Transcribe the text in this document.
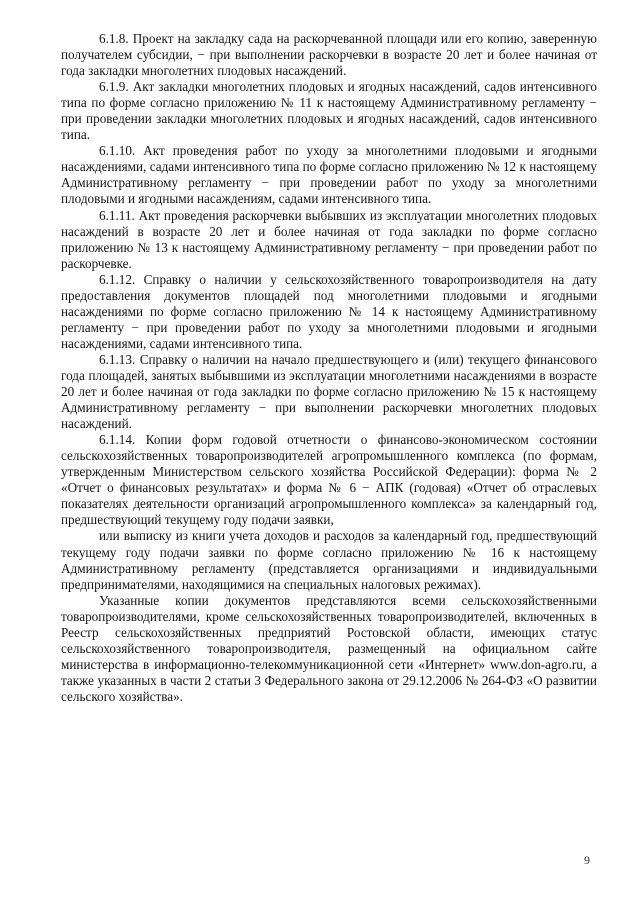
6.1.8. Проект на закладку сада на раскорчеванной площади или его копию, заверенную получателем субсидии, − при выполнении раскорчевки в возрасте 20 лет и более начиная от года закладки многолетних плодовых насаждений.

6.1.9. Акт закладки многолетних плодовых и ягодных насаждений, садов интенсивного типа по форме согласно приложению № 11 к настоящему Административному регламенту − при проведении закладки многолетних плодовых и ягодных насаждений, садов интенсивного типа.

6.1.10. Акт проведения работ по уходу за многолетними плодовыми и ягодными насаждениями, садами интенсивного типа по форме согласно приложению № 12 к настоящему Административному регламенту − при проведении работ по уходу за многолетними плодовыми и ягодными насаждениям, садами интенсивного типа.

6.1.11. Акт проведения раскорчевки выбывших из эксплуатации многолетних плодовых насаждений в возрасте 20 лет и более начиная от года закладки по форме согласно приложению № 13 к настоящему Административному регламенту − при проведении работ по раскорчевке.

6.1.12. Справку о наличии у сельскохозяйственного товаропроизводителя на дату предоставления документов площадей под многолетними плодовыми и ягодными насаждениями по форме согласно приложению № 14 к настоящему Административному регламенту − при проведении работ по уходу за многолетними плодовыми и ягодными насаждениями, садами интенсивного типа.

6.1.13. Справку о наличии на начало предшествующего и (или) текущего финансового года площадей, занятых выбывшими из эксплуатации многолетними насаждениями в возрасте 20 лет и более начиная от года закладки по форме согласно приложению № 15 к настоящему Административному регламенту − при выполнении раскорчевки многолетних плодовых насаждений.

6.1.14. Копии форм годовой отчетности о финансово-экономическом состоянии сельскохозяйственных товаропроизводителей агропромышленного комплекса (по формам, утвержденным Министерством сельского хозяйства Российской Федерации): форма № 2 «Отчет о финансовых результатах» и форма № 6 − АПК (годовая) «Отчет об отраслевых показателях деятельности организаций агропромышленного комплекса» за календарный год, предшествующий текущему году подачи заявки,

или выписку из книги учета доходов и расходов за календарный год, предшествующий текущему году подачи заявки по форме согласно приложению № 16 к настоящему Административному регламенту (представляется организациями и индивидуальными предпринимателями, находящимися на специальных налоговых режимах).

Указанные копии документов представляются всеми сельскохозяйственными товаропроизводителями, кроме сельскохозяйственных товаропроизводителей, включенных в Реестр сельскохозяйственных предприятий Ростовской области, имеющих статус сельскохозяйственного товаропроизводителя, размещенный на официальном сайте министерства в информационно-телекоммуникационной сети «Интернет» www.don-agro.ru, а также указанных в части 2 статьи 3 Федерального закона от 29.12.2006 № 264-ФЗ «О развитии сельского хозяйства».

9
